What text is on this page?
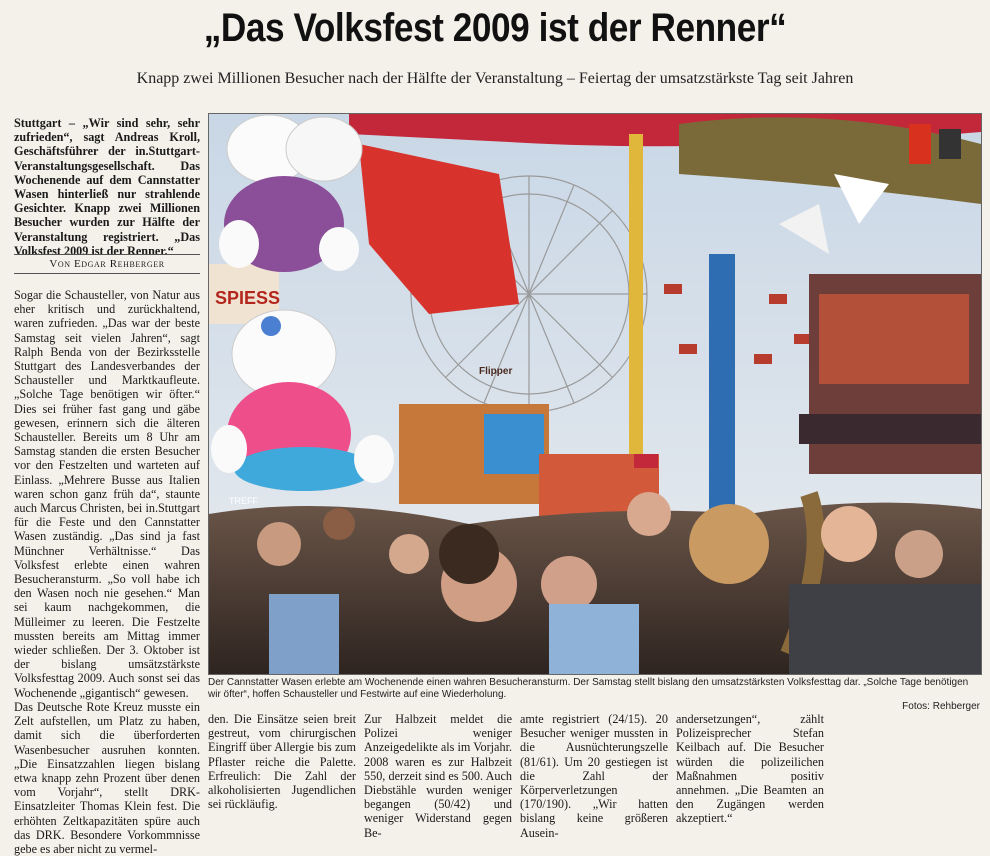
„Das Volksfest 2009 ist der Renner“
Knapp zwei Millionen Besucher nach der Hälfte der Veranstaltung – Feiertag der umsatzstärkste Tag seit Jahren
Stuttgart – „Wir sind sehr, sehr zufrieden“, sagt Andreas Kroll, Geschäftsführer der in.Stuttgart-Veranstaltungsgesellschaft. Das Wochenende auf dem Cannstatter Wasen hinterließ nur strahlende Gesichter. Knapp zwei Millionen Besucher wurden zur Hälfte der Veranstaltung registriert. „Das Volksfest 2009 ist der Renner.“
Von Edgar Rehberger

Sogar die Schausteller, von Natur aus eher kritisch und zurückhaltend, waren zufrieden. „Das war der beste Samstag seit vielen Jahren“, sagt Ralph Benda von der Bezirksstelle Stuttgart des Landesverbandes der Schausteller und Marktkaufleute. „Solche Tage benötigen wir öfter.“ Dies sei früher fast gang und gäbe gewesen, erinnern sich die älteren Schausteller. Bereits um 8 Uhr am Samstag standen die ersten Besucher vor den Festzelten und warteten auf Einlass. „Mehrere Busse aus Italien waren schon ganz früh da“, staunte auch Marcus Christen, bei in.Stuttgart für die Feste und den Cannstatter Wasen zuständig. „Das sind ja fast Münchner Verhältnisse.“ Das Volksfest erlebte einen wahren Besucheransturm. „So voll habe ich den Wasen noch nie gesehen.“ Man sei kaum nachgekommen, die Mülleimer zu leeren. Die Festzelte mussten bereits am Mittag immer wieder schließen. Der 3. Oktober ist der bislang umsätzstärkste Volksfesttag 2009. Auch sonst sei das Wochenende „gigantisch“ gewesen.

Das Deutsche Rote Kreuz musste ein Zelt aufstellen, um Platz zu haben, damit sich die überforderten Wasenbesucher ausruhen konnten. „Die Einsatzzahlen liegen bislang etwa knapp zehn Prozent über denen vom Vorjahr“, stellt DRK-Einsatzleiter Thomas Klein fest. Die erhöhten Zeltkapazitäten spüre auch das DRK. Besondere Vorkommnisse gebe es aber nicht zu vermel-

SPIESS
Flipper
TREFF
Der Cannstatter Wasen erlebte am Wochenende einen wahren Besucheransturm. Der Samstag stellt bislang den umsatzstärksten Volksfesttag dar. „Solche Tage benötigen wir öfter“, hoffen Schausteller und Festwirte auf eine Wiederholung.
Fotos: Rehberger
den. Die Einsätze seien breit gestreut, vom chirurgischen Eingriff über Allergie bis zum Pflaster reiche die Palette. Erfreulich: Die Zahl der alkoholisierten Jugendlichen sei rückläufig.
Zur Halbzeit meldet die Polizei weniger Anzeigedelikte als im Vorjahr. 2008 waren es zur Halbzeit 550, derzeit sind es 500. Auch Diebstähle wurden weniger begangen (50/42) und weniger Widerstand gegen Be-
amte registriert (24/15). 20 Besucher weniger mussten in die Ausnüchterungszelle (81/61). Um 20 gestiegen ist die Zahl der Körperverletzungen (170/190). „Wir hatten bislang keine größeren Ausein-
andersetzungen“, zählt Polizeisprecher Stefan Keilbach auf. Die Besucher würden die polizeilichen Maßnahmen positiv annehmen. „Die Beamten an den Zugängen werden akzeptiert.“
